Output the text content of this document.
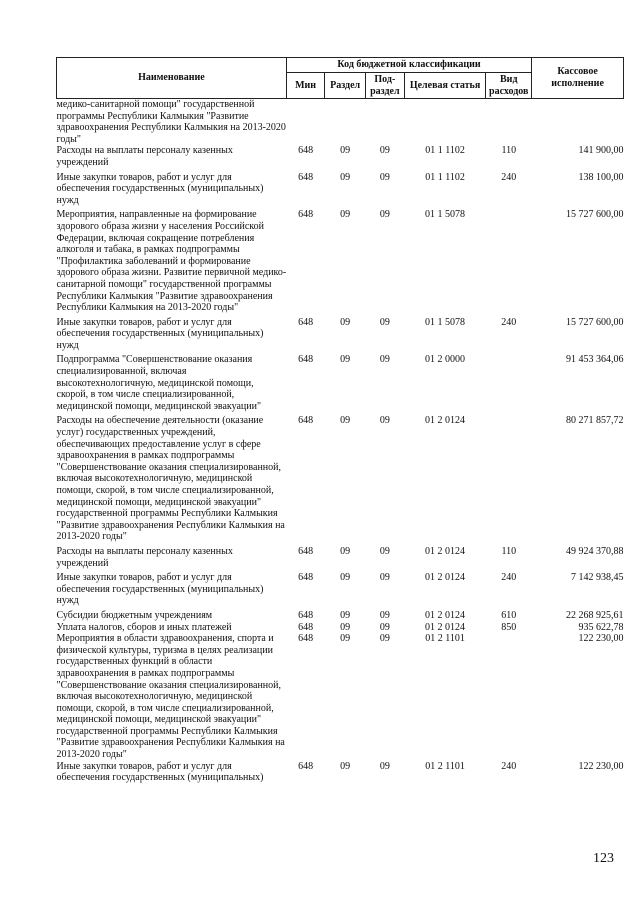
Наименование	Код бюджетной классификации					Кассовое исполнение
	Мин	Раздел	Под-раздел	Целевая статья	Вид расходов	
медико-санитарной помощи" государственной программы Республики Калмыкия "Развитие здравоохранения Республики Калмыкия на 2013-2020 годы"						
Расходы на выплаты персоналу казенных учреждений	648	09	09	01 1 1102	110	141 900,00

Иные закупки товаров, работ и услуг для обеспечения государственных (муниципальных) нужд	648	09	09	01 1 1102	240	138 100,00

Мероприятия, направленные на формирование здорового образа жизни у населения Российской Федерации, включая сокращение потребления алкоголя и табака, в рамках подпрограммы "Профилактика заболеваний и формирование здорового образа жизни. Развитие первичной медико-санитарной помощи" государственной программы Республики Калмыкия "Развитие здравоохранения Республики Калмыкия на 2013-2020 годы"	648	09	09	01 1 5078		15 727 600,00

Иные закупки товаров, работ и услуг для обеспечения государственных (муниципальных) нужд	648	09	09	01 1 5078	240	15 727 600,00

Подпрограмма "Совершенствование оказания специализированной, включая высокотехнологичную, медицинской помощи, скорой, в том числе специализированной, медицинской помощи, медицинской эвакуации"	648	09	09	01 2 0000		91 453 364,06

Расходы на обеспечение деятельности (оказание услуг) государственных учреждений, обеспечивающих предоставление услуг в сфере здравоохранения в рамках подпрограммы "Совершенствование оказания специализированной, включая высокотехнологичную, медицинской помощи, скорой, в том числе специализированной, медицинской помощи, медицинской эвакуации" государственной программы Республики Калмыкия "Развитие здравоохранения Республики Калмыкия на 2013-2020 годы"	648	09	09	01 2 0124		80 271 857,72

Расходы на выплаты персоналу казенных учреждений	648	09	09	01 2 0124	110	49 924 370,88

Иные закупки товаров, работ и услуг для обеспечения государственных (муниципальных) нужд	648	09	09	01 2 0124	240	7 142 938,45

Субсидии бюджетным учреждениям	648	09	09	01 2 0124	610	22 268 925,61
Уплата налогов, сборов и иных платежей	648	09	09	01 2 0124	850	935 622,78
Мероприятия в области здравоохранения, спорта и физической культуры, туризма в целях реализации государственных функций в области здравоохранения в рамках подпрограммы "Совершенствование оказания специализированной, включая высокотехнологичную, медицинской помощи, скорой, в том числе специализированной, медицинской помощи, медицинской эвакуации" государственной программы Республики Калмыкия "Развитие здравоохранения Республики Калмыкия на 2013-2020 годы"	648	09	09	01 2 1101		122 230,00
Иные закупки товаров, работ и услуг для обеспечения государственных (муниципальных)	648	09	09	01 2 1101	240	122 230,00
123
